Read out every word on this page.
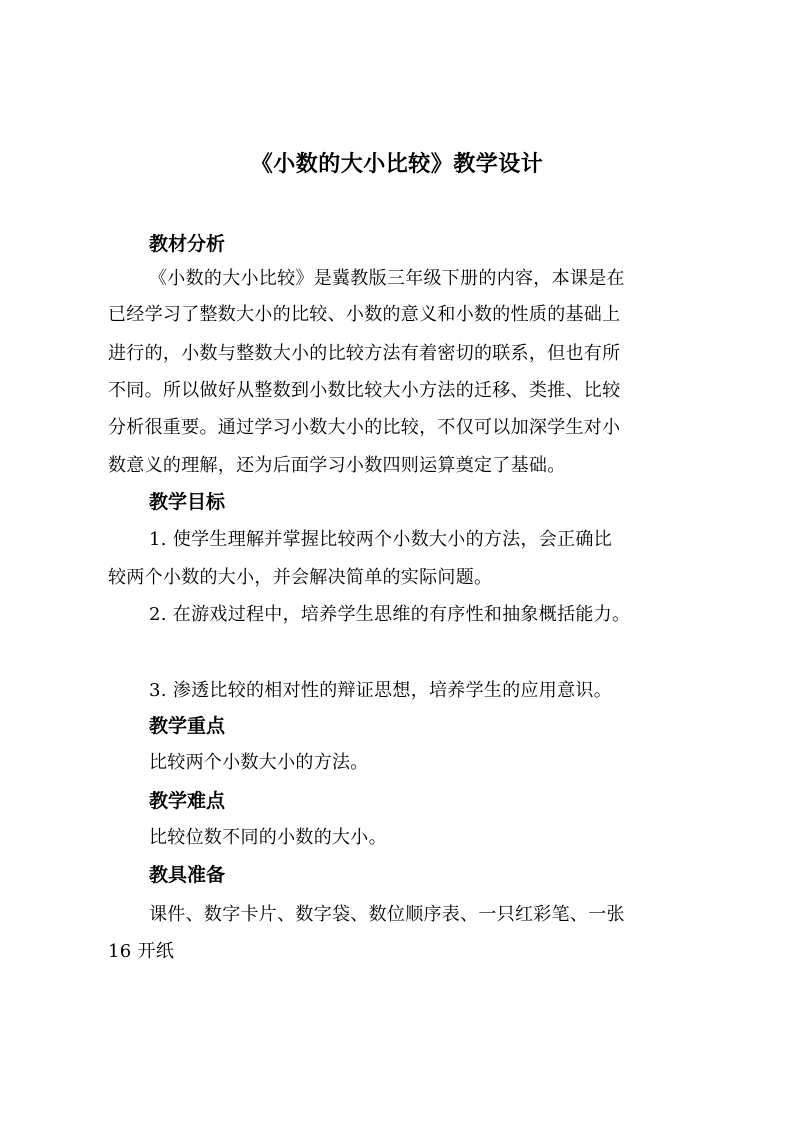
《小数的大小比较》教学设计
教材分析
《小数的大小比较》是冀教版三年级下册的内容，本课是在
已经学习了整数大小的比较、小数的意义和小数的性质的基础上
进行的，小数与整数大小的比较方法有着密切的联系，但也有所
不同。所以做好从整数到小数比较大小方法的迁移、类推、比较
分析很重要。通过学习小数大小的比较，不仅可以加深学生对小
数意义的理解，还为后面学习小数四则运算奠定了基础。
教学目标
1. 使学生理解并掌握比较两个小数大小的方法，会正确比
较两个小数的大小，并会解决简单的实际问题。
2. 在游戏过程中，培养学生思维的有序性和抽象概括能力。
3. 渗透比较的相对性的辩证思想，培养学生的应用意识。
教学重点
比较两个小数大小的方法。
教学难点
比较位数不同的小数的大小。
教具准备
课件、数字卡片、数字袋、数位顺序表、一只红彩笔、一张
16 开纸
